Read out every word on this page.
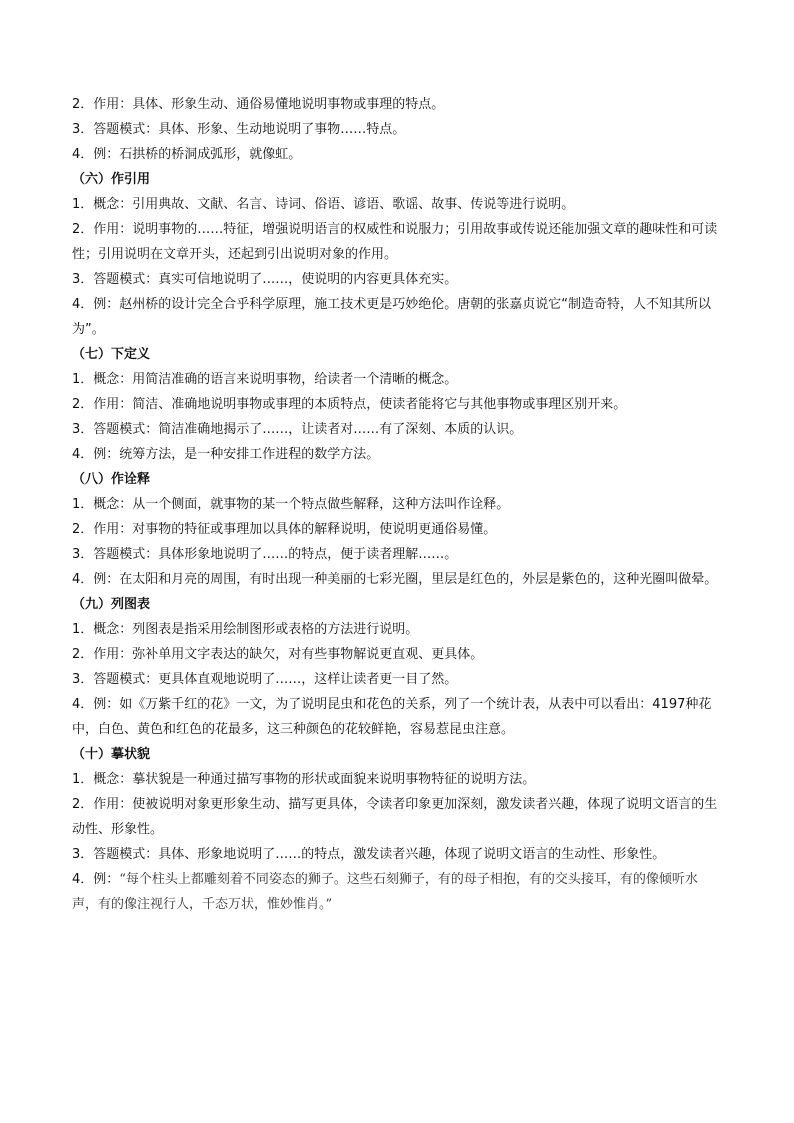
2．作用：具体、形象生动、通俗易懂地说明事物或事理的特点。

3．答题模式：具体、形象、生动地说明了事物……特点。

4．例：石拱桥的桥洞成弧形，就像虹。

（六）作引用

1．概念：引用典故、文献、名言、诗词、俗语、谚语、歌谣、故事、传说等进行说明。

2．作用：说明事物的……特征，增强说明语言的权威性和说服力；引用故事或传说还能加强文章的趣味性和可读性；引用说明在文章开头，还起到引出说明对象的作用。

3．答题模式：真实可信地说明了……，使说明的内容更具体充实。

4．例：赵州桥的设计完全合乎科学原理，施工技术更是巧妙绝伦。唐朝的张嘉贞说它“制造奇特，人不知其所以为”。

（七）下定义

1．概念：用简洁准确的语言来说明事物，给读者一个清晰的概念。

2．作用：简洁、准确地说明事物或事理的本质特点，使读者能将它与其他事物或事理区别开来。

3．答题模式：简洁准确地揭示了……，让读者对……有了深刻、本质的认识。

4．例：统筹方法，是一种安排工作进程的数学方法。

（八）作诠释

1．概念：从一个侧面，就事物的某一个特点做些解释，这种方法叫作诠释。

2．作用：对事物的特征或事理加以具体的解释说明，使说明更通俗易懂。

3．答题模式：具体形象地说明了……的特点，便于读者理解……。

4．例：在太阳和月亮的周围，有时出现一种美丽的七彩光圈，里层是红色的，外层是紫色的，这种光圈叫做晕。

（九）列图表

1．概念：列图表是指采用绘制图形或表格的方法进行说明。

2．作用：弥补单用文字表达的缺欠，对有些事物解说更直观、更具体。

3．答题模式：更具体直观地说明了……，这样让读者更一目了然。

4．例：如《万紫千红的花》一文，为了说明昆虫和花色的关系，列了一个统计表，从表中可以看出：4197种花中，白色、黄色和红色的花最多，这三种颜色的花较鲜艳，容易惹昆虫注意。

（十）摹状貌

1．概念：摹状貌是一种通过描写事物的形状或面貌来说明事物特征的说明方法。

2．作用：使被说明对象更形象生动、描写更具体，令读者印象更加深刻，激发读者兴趣，体现了说明文语言的生动性、形象性。

3．答题模式：具体、形象地说明了……的特点，激发读者兴趣，体现了说明文语言的生动性、形象性。

4．例：“每个柱头上都雕刻着不同姿态的狮子。这些石刻狮子，有的母子相抱，有的交头接耳，有的像倾听水声，有的像注视行人，千态万状，惟妙惟肖。”
